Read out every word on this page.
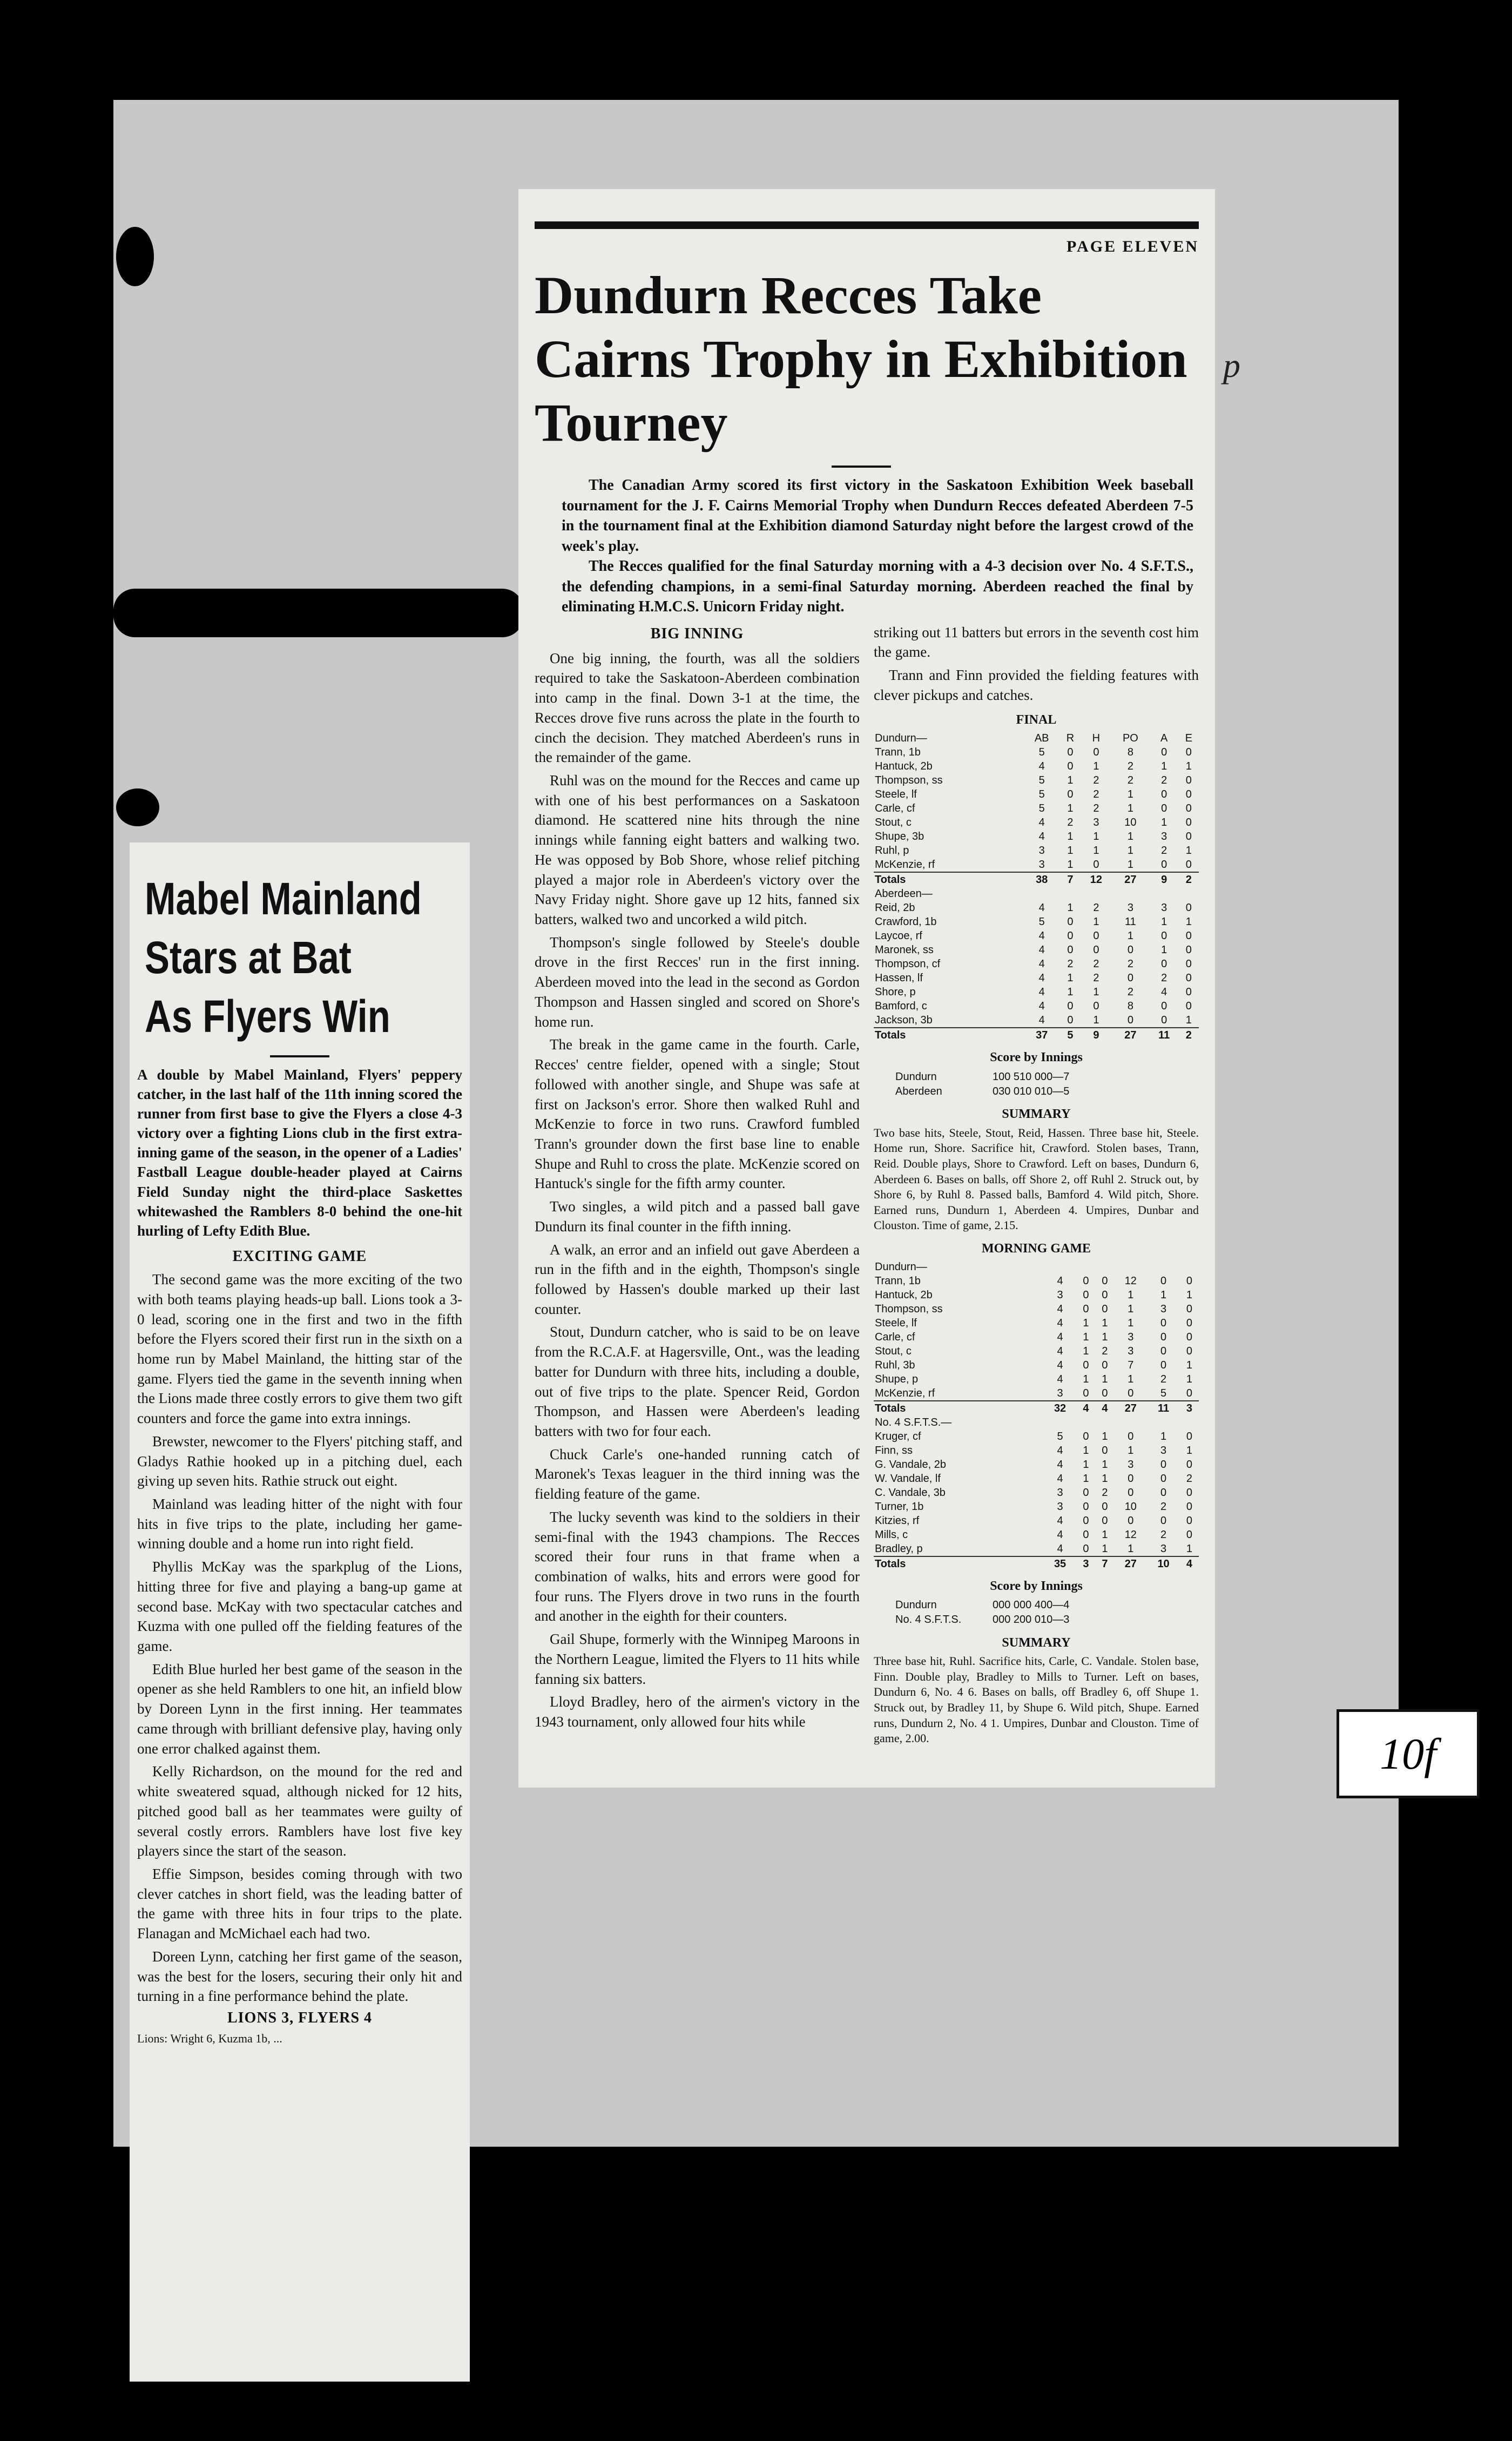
p
10f
PAGE ELEVEN
Dundurn Recces Take Cairns Trophy in Exhibition Tourney

The Canadian Army scored its first victory in the Saskatoon Exhibition Week baseball tournament for the J. F. Cairns Memorial Trophy when Dundurn Recces defeated Aberdeen 7-5 in the tournament final at the Exhibition diamond Saturday night before the largest crowd of the week's play.

The Recces qualified for the final Saturday morning with a 4-3 decision over No. 4 S.F.T.S., the defending champions, in a semi-final Saturday morning. Aberdeen reached the final by eliminating H.M.C.S. Unicorn Friday night.

BIG INNING

One big inning, the fourth, was all the soldiers required to take the Saskatoon-Aberdeen combination into camp in the final. Down 3-1 at the time, the Recces drove five runs across the plate in the fourth to cinch the decision. They matched Aberdeen's runs in the remainder of the game.

Ruhl was on the mound for the Recces and came up with one of his best performances on a Saskatoon diamond. He scattered nine hits through the nine innings while fanning eight batters and walking two. He was opposed by Bob Shore, whose relief pitching played a major role in Aberdeen's victory over the Navy Friday night. Shore gave up 12 hits, fanned six batters, walked two and uncorked a wild pitch.

Thompson's single followed by Steele's double drove in the first Recces' run in the first inning. Aberdeen moved into the lead in the second as Gordon Thompson and Hassen singled and scored on Shore's home run.

The break in the game came in the fourth. Carle, Recces' centre fielder, opened with a single; Stout followed with another single, and Shupe was safe at first on Jackson's error. Shore then walked Ruhl and McKenzie to force in two runs. Crawford fumbled Trann's grounder down the first base line to enable Shupe and Ruhl to cross the plate. McKenzie scored on Hantuck's single for the fifth army counter.

Two singles, a wild pitch and a passed ball gave Dundurn its final counter in the fifth inning.

A walk, an error and an infield out gave Aberdeen a run in the fifth and in the eighth, Thompson's single followed by Hassen's double marked up their last counter.

Stout, Dundurn catcher, who is said to be on leave from the R.C.A.F. at Hagersville, Ont., was the leading batter for Dundurn with three hits, including a double, out of five trips to the plate. Spencer Reid, Gordon Thompson, and Hassen were Aberdeen's leading batters with two for four each.

Chuck Carle's one-handed running catch of Maronek's Texas leaguer in the third inning was the fielding feature of the game.

The lucky seventh was kind to the soldiers in their semi-final with the 1943 champions. The Recces scored their four runs in that frame when a combination of walks, hits and errors were good for four runs. The Flyers drove in two runs in the fourth and another in the eighth for their counters.

Gail Shupe, formerly with the Winnipeg Maroons in the Northern League, limited the Flyers to 11 hits while fanning six batters.

Lloyd Bradley, hero of the airmen's victory in the 1943 tournament, only allowed four hits while

striking out 11 batters but errors in the seventh cost him the game.

Trann and Finn provided the fielding features with clever pickups and catches.

FINAL
Dundurn—	AB	R	H	PO	A	E
Trann, 1b	5	0	0	8	0	0
Hantuck, 2b	4	0	1	2	1	1
Thompson, ss	5	1	2	2	2	0
Steele, lf	5	0	2	1	0	0
Carle, cf	5	1	2	1	0	0
Stout, c	4	2	3	10	1	0
Shupe, 3b	4	1	1	1	3	0
Ruhl, p	3	1	1	1	2	1
McKenzie, rf	3	1	0	1	0	0
Totals	38	7	12	27	9	2
Aberdeen—						
Reid, 2b	4	1	2	3	3	0
Crawford, 1b	5	0	1	11	1	1
Laycoe, rf	4	0	0	1	0	0
Maronek, ss	4	0	0	0	1	0
Thompson, cf	4	2	2	2	0	0
Hassen, lf	4	1	2	0	2	0
Shore, p	4	1	1	2	4	0
Bamford, c	4	0	0	8	0	0
Jackson, 3b	4	0	1	0	0	1
Totals	37	5	9	27	11	2
Score by Innings
Dundurn	100 510 000—7
Aberdeen	030 010 010—5
SUMMARY
Two base hits, Steele, Stout, Reid, Hassen. Three base hit, Steele. Home run, Shore. Sacrifice hit, Crawford. Stolen bases, Trann, Reid. Double plays, Shore to Crawford. Left on bases, Dundurn 6, Aberdeen 6. Bases on balls, off Shore 2, off Ruhl 2. Struck out, by Shore 6, by Ruhl 8. Passed balls, Bamford 4. Wild pitch, Shore. Earned runs, Dundurn 1, Aberdeen 4. Umpires, Dunbar and Clouston. Time of game, 2.15.
MORNING GAME
Dundurn—						
Trann, 1b	4	0	0	12	0	0
Hantuck, 2b	3	0	0	1	1	1
Thompson, ss	4	0	0	1	3	0
Steele, lf	4	1	1	1	0	0
Carle, cf	4	1	1	3	0	0
Stout, c	4	1	2	3	0	0
Ruhl, 3b	4	0	0	7	0	1
Shupe, p	4	1	1	1	2	1
McKenzie, rf	3	0	0	0	5	0
Totals	32	4	4	27	11	3
No. 4 S.F.T.S.—						
Kruger, cf	5	0	1	0	1	0
Finn, ss	4	1	0	1	3	1
G. Vandale, 2b	4	1	1	3	0	0
W. Vandale, lf	4	1	1	0	0	2
C. Vandale, 3b	3	0	2	0	0	0
Turner, 1b	3	0	0	10	2	0
Kitzies, rf	4	0	0	0	0	0
Mills, c	4	0	1	12	2	0
Bradley, p	4	0	1	1	3	1
Totals	35	3	7	27	10	4
Score by Innings
Dundurn	000 000 400—4
No. 4 S.F.T.S.	000 200 010—3
SUMMARY
Three base hit, Ruhl. Sacrifice hits, Carle, C. Vandale. Stolen base, Finn. Double play, Bradley to Mills to Turner. Left on bases, Dundurn 6, No. 4 6. Bases on balls, off Bradley 6, off Shupe 1. Struck out, by Bradley 11, by Shupe 6. Wild pitch, Shupe. Earned runs, Dundurn 2, No. 4 1. Umpires, Dunbar and Clouston. Time of game, 2.00.
Mabel Mainland
Stars at Bat
As Flyers Win
A double by Mabel Mainland, Flyers' peppery catcher, in the last half of the 11th inning scored the runner from first base to give the Flyers a close 4-3 victory over a fighting Lions club in the first extra-inning game of the season, in the opener of a Ladies' Fastball League double-header played at Cairns Field Sunday night the third-place Saskettes whitewashed the Ramblers 8-0 behind the one-hit hurling of Lefty Edith Blue.
EXCITING GAME

The second game was the more exciting of the two with both teams playing heads-up ball. Lions took a 3-0 lead, scoring one in the first and two in the fifth before the Flyers scored their first run in the sixth on a home run by Mabel Mainland, the hitting star of the game. Flyers tied the game in the seventh inning when the Lions made three costly errors to give them two gift counters and force the game into extra innings.

Brewster, newcomer to the Flyers' pitching staff, and Gladys Rathie hooked up in a pitching duel, each giving up seven hits. Rathie struck out eight.

Mainland was leading hitter of the night with four hits in five trips to the plate, including her game-winning double and a home run into right field.

Phyllis McKay was the sparkplug of the Lions, hitting three for five and playing a bang-up game at second base. McKay with two spectacular catches and Kuzma with one pulled off the fielding features of the game.

Edith Blue hurled her best game of the season in the opener as she held Ramblers to one hit, an infield blow by Doreen Lynn in the first inning. Her teammates came through with brilliant defensive play, having only one error chalked against them.

Kelly Richardson, on the mound for the red and white sweatered squad, although nicked for 12 hits, pitched good ball as her teammates were guilty of several costly errors. Ramblers have lost five key players since the start of the season.

Effie Simpson, besides coming through with two clever catches in short field, was the leading batter of the game with three hits in four trips to the plate. Flanagan and McMichael each had two.

Doreen Lynn, catching her first game of the season, was the best for the losers, securing their only hit and turning in a fine performance behind the plate.

LIONS 3, FLYERS 4
Lions: Wright 6, Kuzma 1b, ...
